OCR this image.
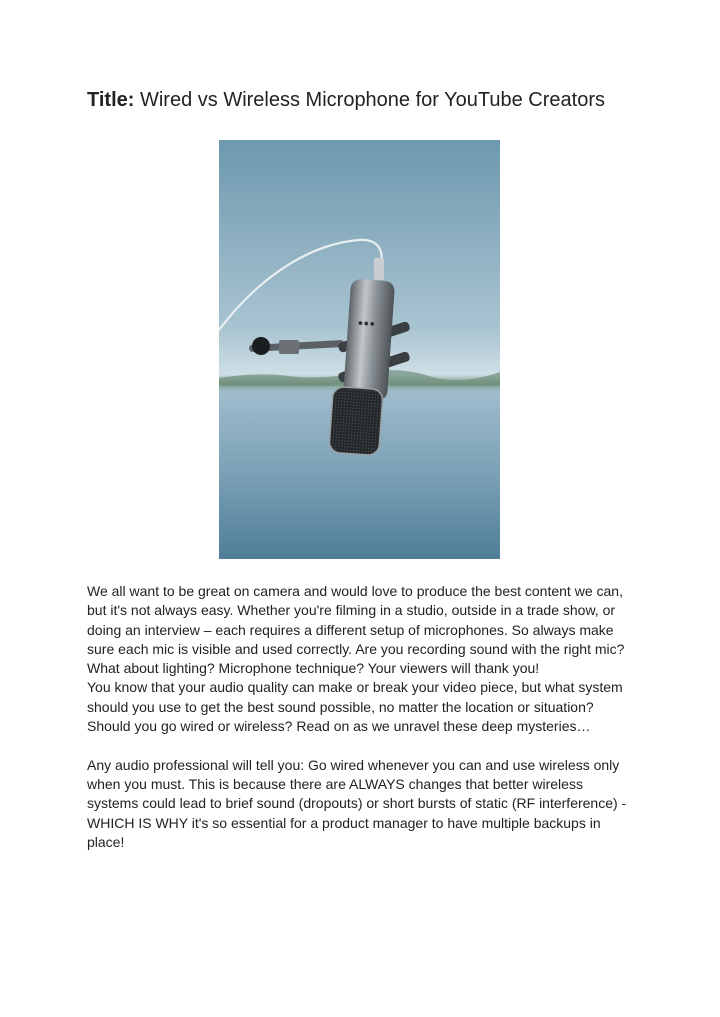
Title: Wired vs Wireless Microphone for YouTube Creators
● ● ●

We all want to be great on camera and would love to produce the best content we can, but it's not always easy. Whether you're filming in a studio, outside in a trade show, or doing an interview – each requires a different setup of microphones. So always make sure each mic is visible and used correctly. Are you recording sound with the right mic? What about lighting? Microphone technique? Your viewers will thank you!

You know that your audio quality can make or break your video piece, but what system should you use to get the best sound possible, no matter the location or situation? Should you go wired or wireless? Read on as we unravel these deep mysteries…

Any audio professional will tell you: Go wired whenever you can and use wireless only when you must. This is because there are ALWAYS changes that better wireless systems could lead to brief sound (dropouts) or short bursts of static (RF interference) - WHICH IS WHY it's so essential for a product manager to have multiple backups in place!
